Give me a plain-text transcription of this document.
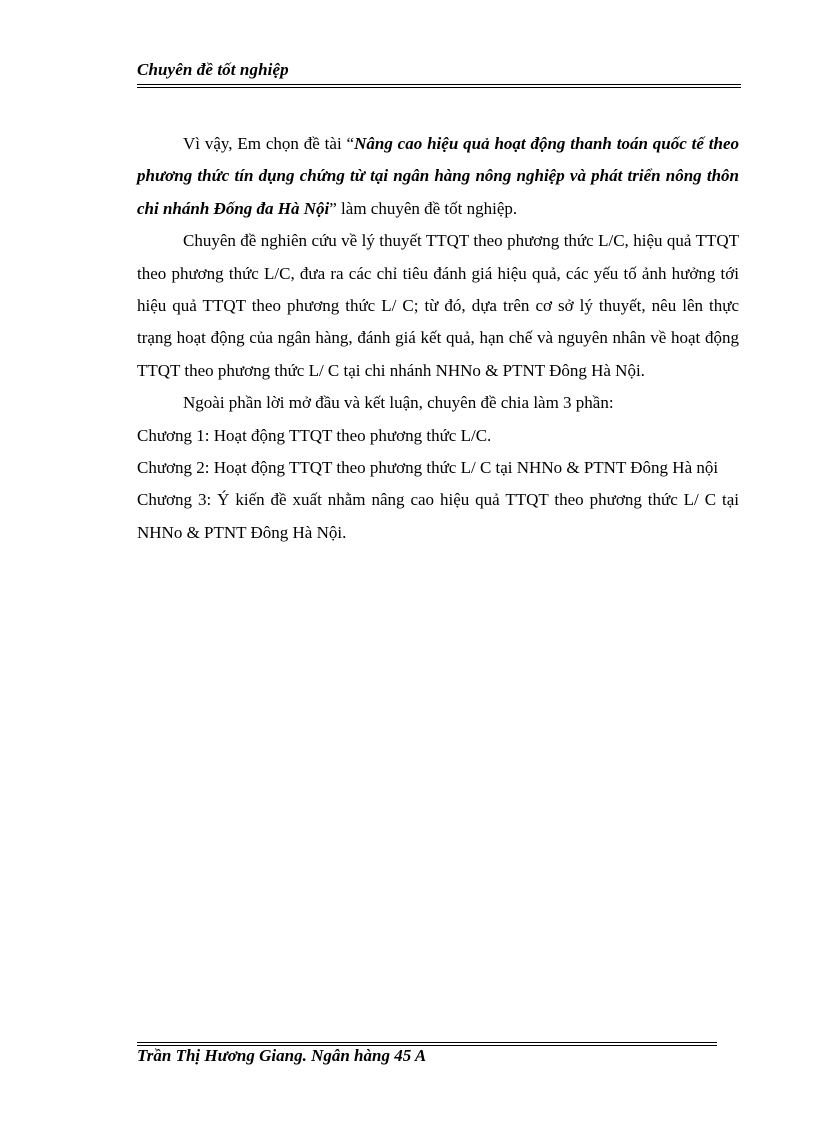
Chuyên đề tốt nghiệp

Vì vậy, Em chọn đề tài “Nâng cao hiệu quả hoạt động thanh toán quốc tế theo phương thức tín dụng chứng từ tại ngân hàng nông nghiệp và phát triển nông thôn chi nhánh Đống đa Hà Nội” làm chuyên đề tốt nghiệp.

Chuyên đề nghiên cứu về lý thuyết TTQT theo phương thức L/C, hiệu quả TTQT theo phương thức L/C, đưa ra các chỉ tiêu đánh giá hiệu quả, các yếu tố ảnh hưởng tới hiệu quả TTQT theo phương thức L/ C; từ đó, dựa trên cơ sở lý thuyết, nêu lên thực trạng hoạt động của ngân hàng, đánh giá kết quả, hạn chế và nguyên nhân về hoạt động TTQT theo phương thức L/ C tại chi nhánh NHNo & PTNT Đông Hà Nội.

Ngoài phần lời mở đầu và kết luận, chuyên đề chia làm 3 phần:

Chương 1: Hoạt động TTQT theo phương thức L/C.

Chương 2: Hoạt động TTQT theo phương thức L/ C tại NHNo & PTNT Đông Hà nội

Chương 3: Ý kiến đề xuất nhằm nâng cao hiệu quả TTQT theo phương thức L/ C tại NHNo & PTNT Đông Hà Nội.

Trần Thị Hương Giang. Ngân hàng 45 A
